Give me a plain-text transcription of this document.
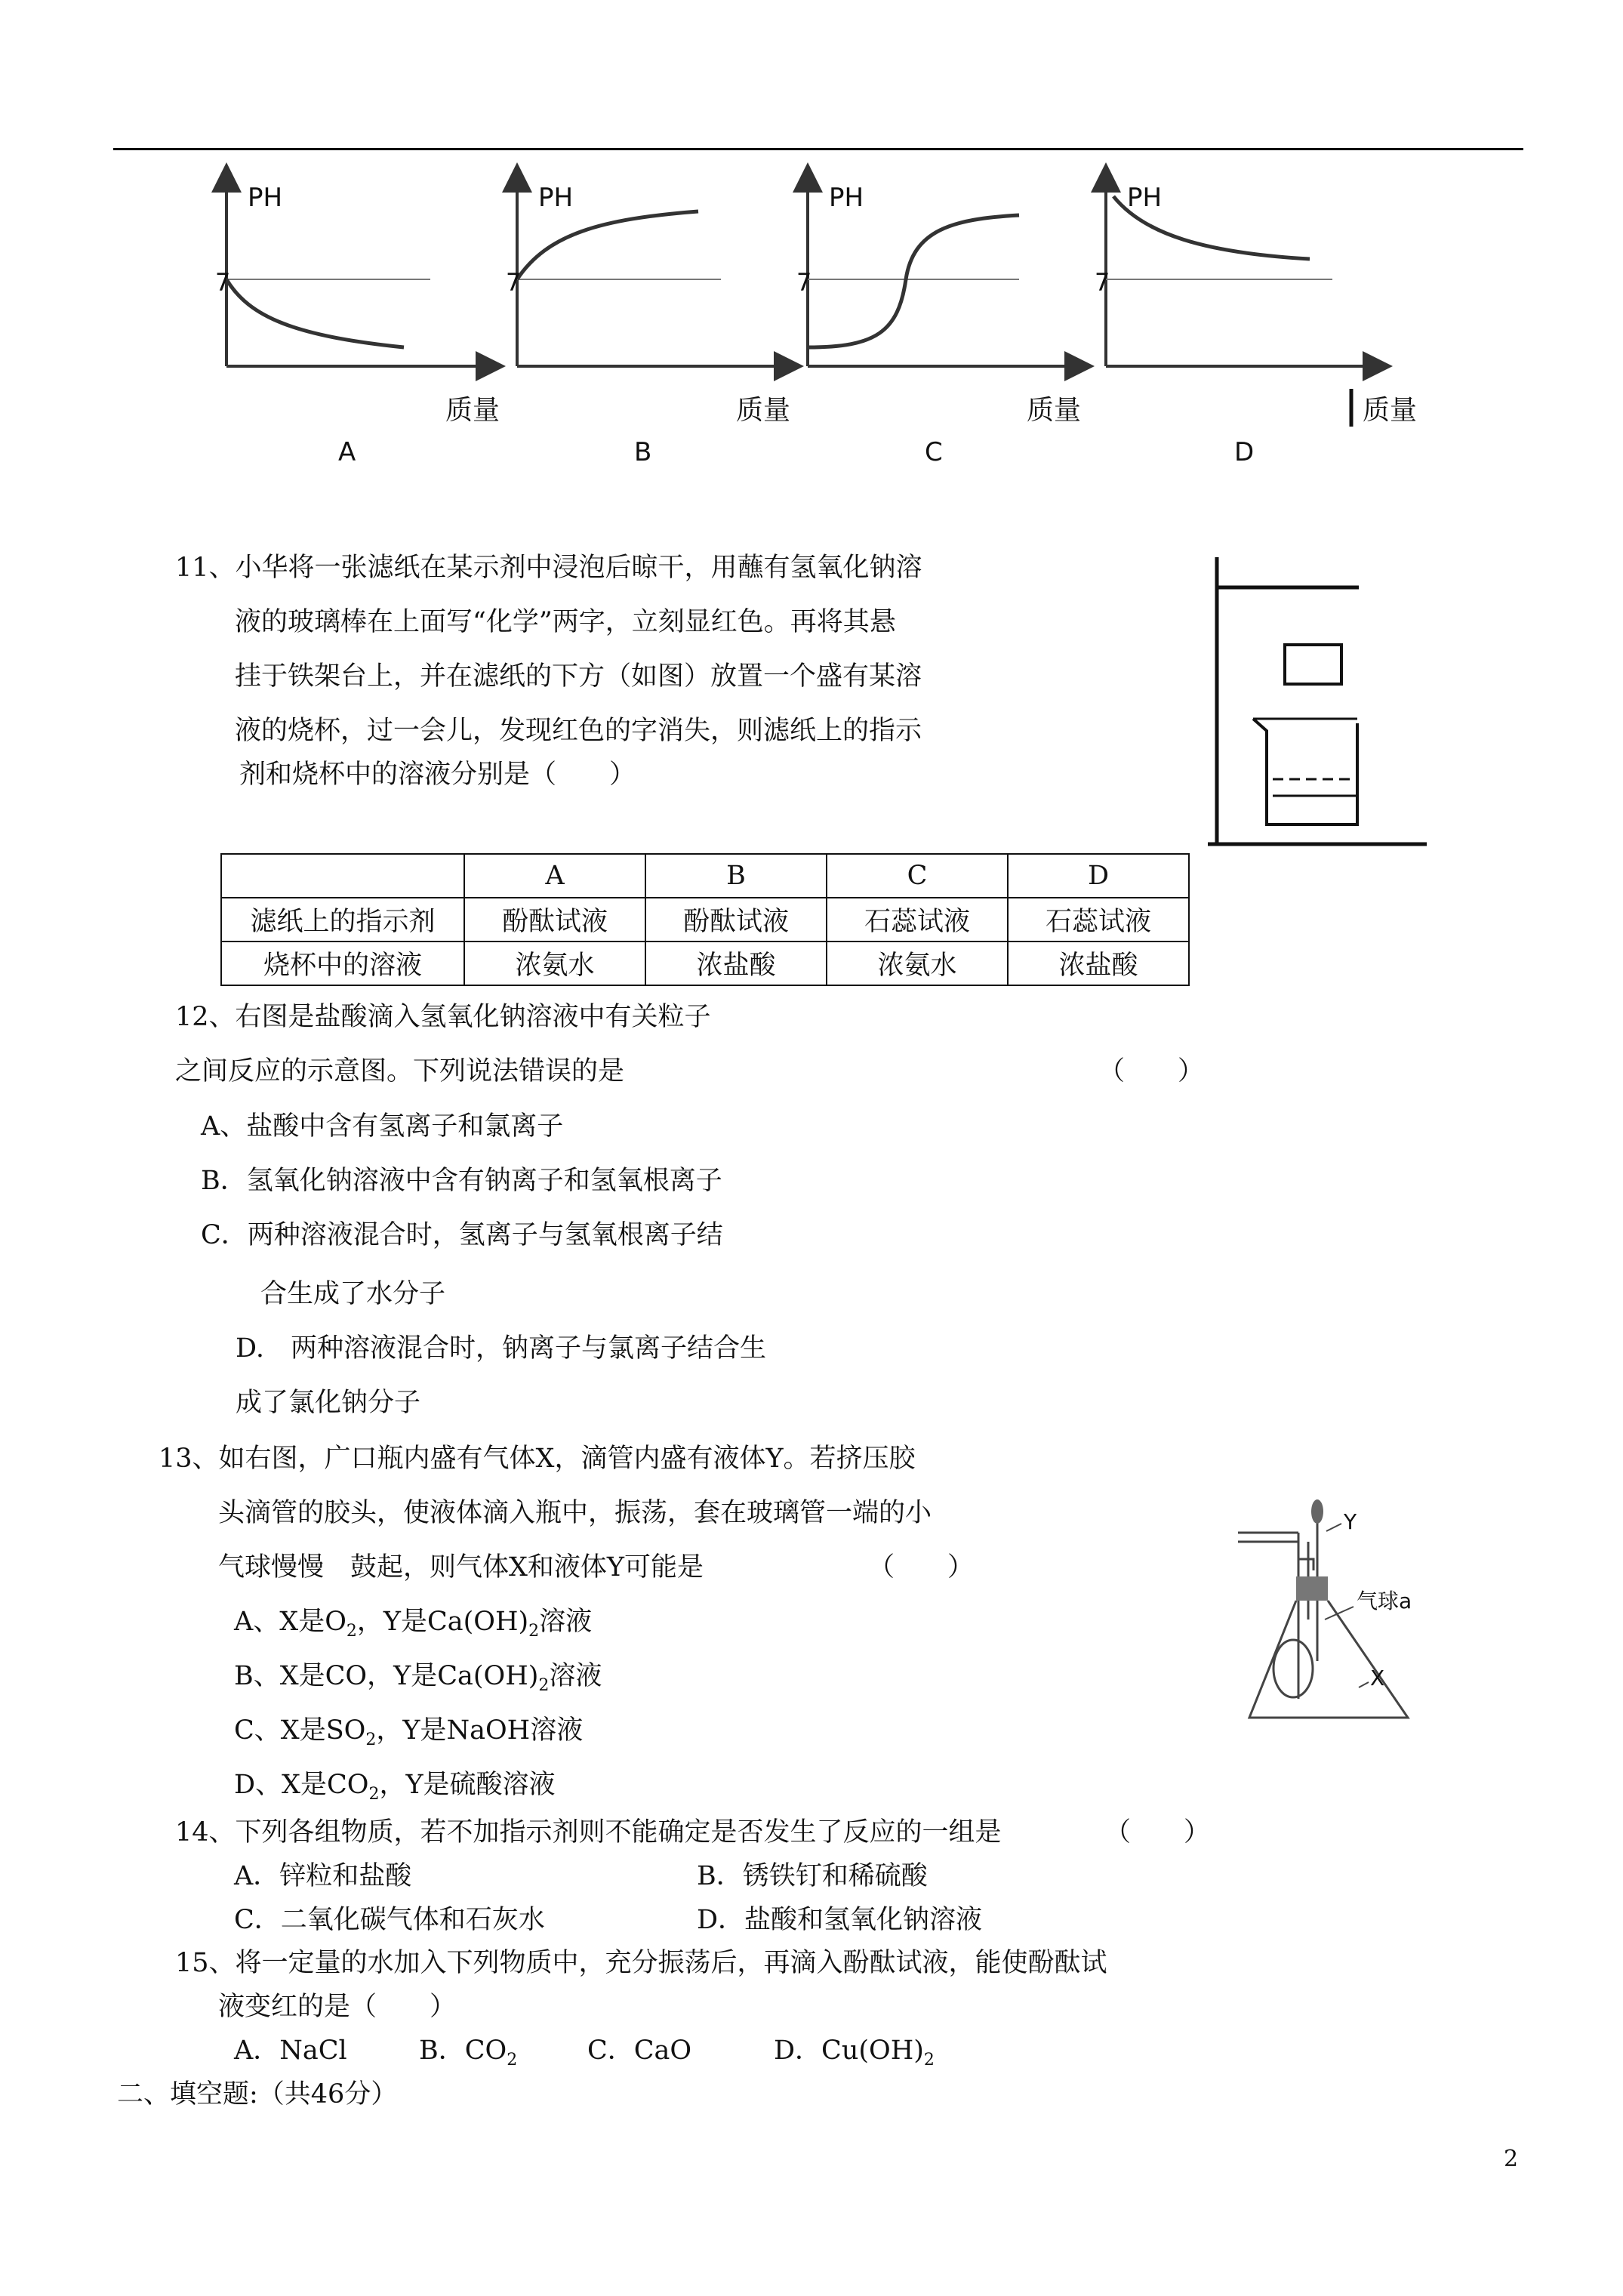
PH
7
质量
A
PH
7
质量
B
PH
7
质量
C
PH
7
质量
D
11、小华将一张滤纸在某示剂中浸泡后晾干，用蘸有氢氧化钠溶
液的玻璃棒在上面写“化学”两字，立刻显红色。再将其悬
挂于铁架台上，并在滤纸的下方（如图）放置一个盛有某溶
液的烧杯，过一会儿，发现红色的字消失，则滤纸上的指示
剂和烧杯中的溶液分别是（　　）
	A	B	C	D
滤纸上的指示剂	酚酞试液	酚酞试液	石蕊试液	石蕊试液
烧杯中的溶液	浓氨水	浓盐酸	浓氨水	浓盐酸
12、右图是盐酸滴入氢氧化钠溶液中有关粒子
之间反应的示意图。下列说法错误的是	（　　）
A、盐酸中含有氢离子和氯离子
B．氢氧化钠溶液中含有钠离子和氢氧根离子
C．两种溶液混合时，氢离子与氢氧根离子结
合生成了水分子
D.　两种溶液混合时，钠离子与氯离子结合生
成了氯化钠分子
13、如右图，广口瓶内盛有气体X，滴管内盛有液体Y。若挤压胶
头滴管的胶头，使液体滴入瓶中，振荡，套在玻璃管一端的小
气球慢慢　鼓起，则气体X和液体Y可能是	（　　）
A、X是$O_2$，Y是$Ca(OH)_2$溶液
B、X是CO，Y是$Ca(OH)_2$溶液
C、X是$SO_2$，Y是NaOH溶液
D、X是$CO_2$，Y是硫酸溶液
Y
气球a
X
14、下列各组物质，若不加指示剂则不能确定是否发生了反应的一组是	（　　）
A．锌粒和盐酸	B．锈铁钉和稀硫酸
C．二氧化碳气体和石灰水	D．盐酸和氢氧化钠溶液
15、将一定量的水加入下列物质中，充分振荡后，再滴入酚酞试液，能使酚酞试
液变红的是（　　）
A．NaCl	B．$CO_2$	C．CaO	D．$Cu(OH)_2$
二、填空题:（共46分）
2
